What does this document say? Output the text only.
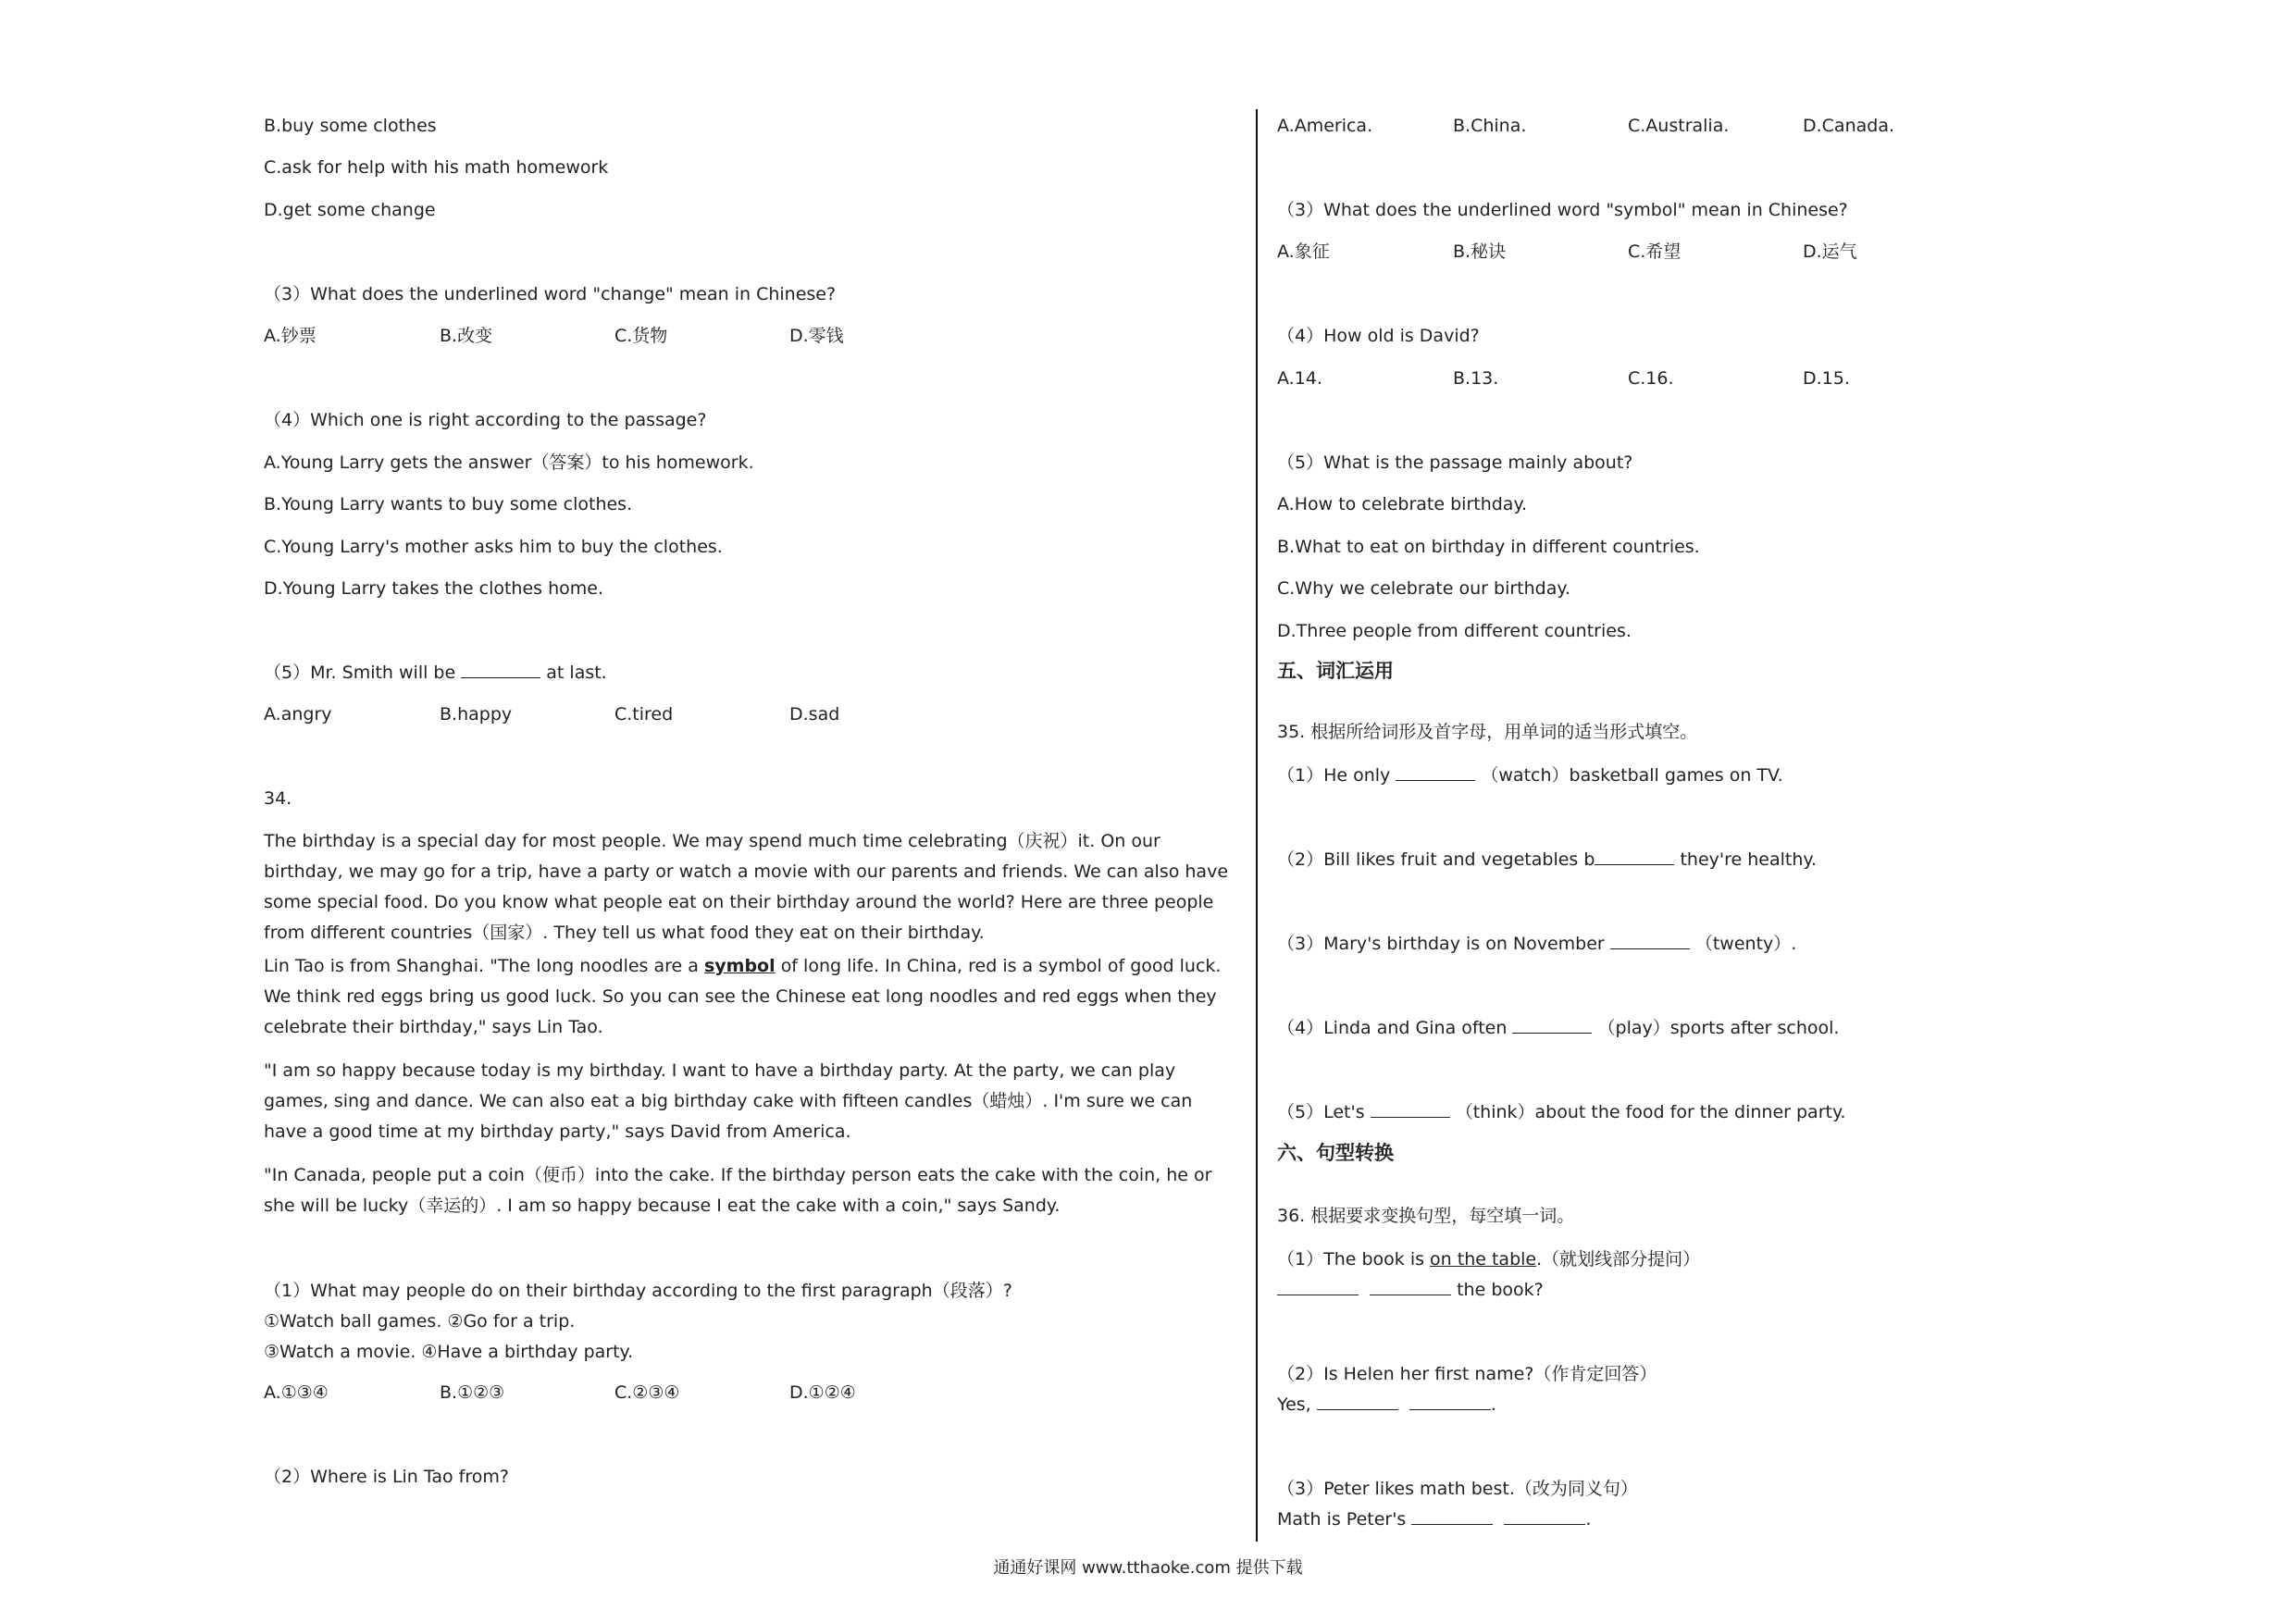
B.buy some clothes
C.ask for help with his math homework
D.get some change
（3）What does the underlined word "change" mean in Chinese?
A.钞票	B.改变	C.货物	D.零钱
（4）Which one is right according to the passage?
A.Young Larry gets the answer（答案）to his homework.
B.Young Larry wants to buy some clothes.
C.Young Larry's mother asks him to buy the clothes.
D.Young Larry takes the clothes home.
（5）Mr. Smith will be	at last.
A.angry	B.happy	C.tired	D.sad
34.
The birthday is a special day for most people. We may spend much time celebrating（庆祝）it. On our birthday, we may go for a trip, have a party or watch a movie with our parents and friends. We can also have some special food. Do you know what people eat on their birthday around the world? Here are three people from different countries（国家）. They tell us what food they eat on their birthday.
Lin Tao is from Shanghai. "The long noodles are a symbol of long life. In China, red is a symbol of good luck. We think red eggs bring us good luck. So you can see the Chinese eat long noodles and red eggs when they celebrate their birthday," says Lin Tao.
"I am so happy because today is my birthday. I want to have a birthday party. At the party, we can play games, sing and dance. We can also eat a big birthday cake with fifteen candles（蜡烛）. I'm sure we can have a good time at my birthday party," says David from America.
"In Canada, people put a coin（便币）into the cake. If the birthday person eats the cake with the coin, he or she will be lucky（幸运的）. I am so happy because I eat the cake with a coin," says Sandy.
（1）What may people do on their birthday according to the first paragraph（段落）?
①Watch ball games. ②Go for a trip.
③Watch a movie. ④Have a birthday party.
A.①③④	B.①②③	C.②③④	D.①②④
（2）Where is Lin Tao from?
A.America.	B.China.	C.Australia.	D.Canada.
（3）What does the underlined word "symbol" mean in Chinese?
A.象征	B.秘诀	C.希望	D.运气
（4）How old is David?
A.14.	B.13.	C.16.	D.15.
（5）What is the passage mainly about?
A.How to celebrate birthday.
B.What to eat on birthday in different countries.
C.Why we celebrate our birthday.
D.Three people from different countries.
五、词汇运用
35. 根据所给词形及首字母，用单词的适当形式填空。
（1）He only	（watch）basketball games on TV.
（2）Bill likes fruit and vegetables b	they're healthy.
（3）Mary's birthday is on November	（twenty）.
（4）Linda and Gina often	（play）sports after school.
（5）Let's	（think）about the food for the dinner party.
六、句型转换
36. 根据要求变换句型，每空填一词。
（1）The book is on the table.（就划线部分提问）
the book?
（2）Is Helen her first name?（作肯定回答）
Yes,	.
（3）Peter likes math best.（改为同义句）
Math is Peter's	.
通通好课网 www.tthaoke.com 提供下载
